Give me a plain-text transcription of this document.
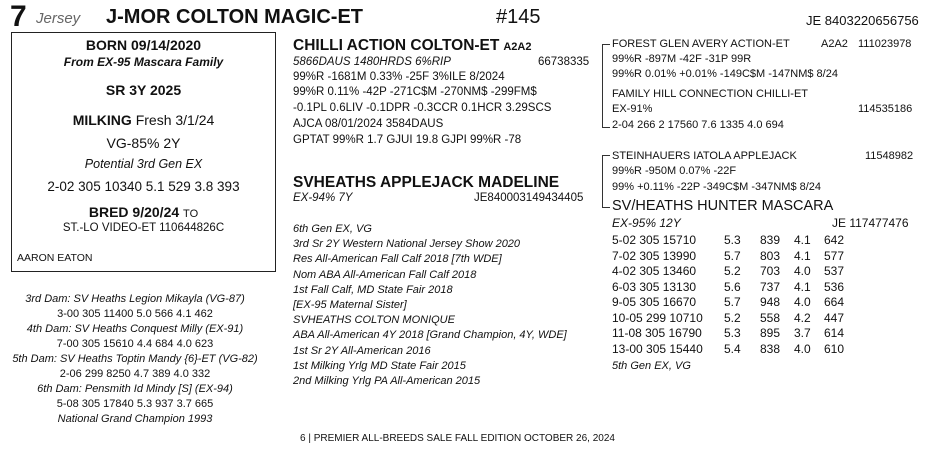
7 Jersey J-MOR COLTON MAGIC-ET	#145	JE 8403220656756
BORN 09/14/2020
From EX-95 Mascara Family
SR 3Y 2025
MILKING Fresh 3/1/24
VG-85% 2Y
Potential 3rd Gen EX
2-02 305 10340 5.1 529 3.8 393
BRED 9/20/24 TO
ST.-LO VIDEO-ET 110644826C
AARON EATON
3rd Dam: SV Heaths Legion Mikayla (VG-87)
3-00 305 11400 5.0 566 4.1 462
4th Dam: SV Heaths Conquest Milly (EX-91)
7-00 305 15610 4.4 684 4.0 623
5th Dam: SV Heaths Toptin Mandy {6}-ET (VG-82)
2-06 299 8250 4.7 389 4.0 332
6th Dam: Pensmith Id Mindy [S] (EX-94)
5-08 305 17840 5.3 937 3.7 665
National Grand Champion 1993
CHILLI ACTION COLTON-ET A2A2
5866DAUS 1480HRDS 6%RIP	66738335
99%R -1681M 0.33% -25F 3%ILE 8/2024
99%R 0.11% -42P -271C$M -270NM$ -299FM$
-0.1PL 0.6LIV -0.1DPR -0.3CCR 0.1HCR 3.29SCS
AJCA 08/01/2024 3584DAUS
GPTAT 99%R 1.7 GJUI 19.8 GJPI 99%R -78
SVHEATHS APPLEJACK MADELINE
EX-94% 7Y	JE840003149434405
6th Gen EX, VG
3rd Sr 2Y Western National Jersey Show 2020
Res All-American Fall Calf 2018 [7th WDE]
Nom ABA All-American Fall Calf 2018
1st Fall Calf, MD State Fair 2018
[EX-95 Maternal Sister]
SVHEATHS COLTON MONIQUE
ABA All-American 4Y 2018 [Grand Champion, 4Y, WDE]
1st Sr 2Y All-American 2016
1st Milking Yrlg MD State Fair 2015
2nd Milking Yrlg PA All-American 2015
FOREST GLEN AVERY ACTION-ET	A2A2 111023978
99%R -897M -42F -31P 99R
99%R 0.01% +0.01% -149C$M -147NM$ 8/24
FAMILY HILL CONNECTION CHILLI-ET
EX-91%	114535186
2-04 266 2 17560 7.6 1335 4.0 694
STEINHAUERS IATOLA APPLEJACK	11548982
99%R -950M 0.07% -22F
99% +0.11% -22P -349C$M -347NM$ 8/24
SV/HEATHS HUNTER MASCARA
EX-95% 12Y	JE 117477476
5-02 305 15710 5.3 839 4.1 642
7-02 305 13990 5.7 803 4.1 577
4-02 305 13460 5.2 703 4.0 537
6-03 305 13130 5.6 737 4.1 536
9-05 305 16670 5.7 948 4.0 664
10-05 299 10710 5.2 558 4.2 447
11-08 305 16790 5.3 895 3.7 614
13-00 305 15440 5.4 838 4.0 610
5th Gen EX, VG
6 | PREMIER ALL-BREEDS SALE FALL EDITION OCTOBER 26, 2024
